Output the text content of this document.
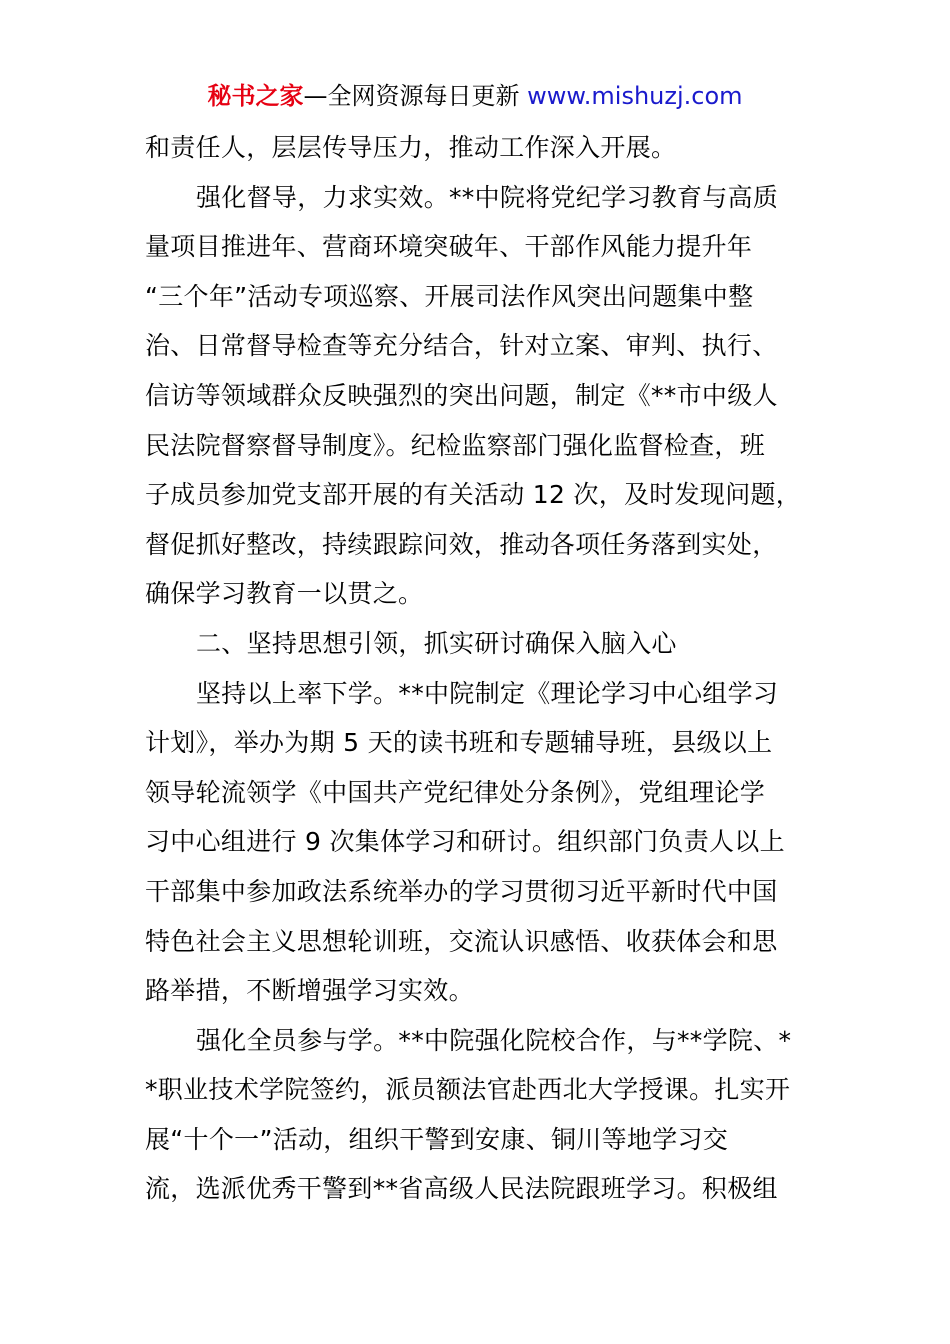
秘书之家—全网资源每日更新 www.mishuzj.com
和责任人，层层传导压力，推动工作深入开展。
强化督导，力求实效。**中院将党纪学习教育与高质
量项目推进年、营商环境突破年、干部作风能力提升年
“三个年”活动专项巡察、开展司法作风突出问题集中整
治、日常督导检查等充分结合，针对立案、审判、执行、
信访等领域群众反映强烈的突出问题，制定《**市中级人
民法院督察督导制度》。纪检监察部门强化监督检查，班
子成员参加党支部开展的有关活动 12 次，及时发现问题，
督促抓好整改，持续跟踪问效，推动各项任务落到实处，
确保学习教育一以贯之。
二、坚持思想引领，抓实研讨确保入脑入心
坚持以上率下学。**中院制定《理论学习中心组学习
计划》，举办为期 5 天的读书班和专题辅导班，县级以上
领导轮流领学《中国共产党纪律处分条例》，党组理论学
习中心组进行 9 次集体学习和研讨。组织部门负责人以上
干部集中参加政法系统举办的学习贯彻习近平新时代中国
特色社会主义思想轮训班，交流认识感悟、收获体会和思
路举措，不断增强学习实效。
强化全员参与学。**中院强化院校合作，与**学院、*
*职业技术学院签约，派员额法官赴西北大学授课。扎实开
展“十个一”活动，组织干警到安康、铜川等地学习交
流，选派优秀干警到**省高级人民法院跟班学习。积极组
